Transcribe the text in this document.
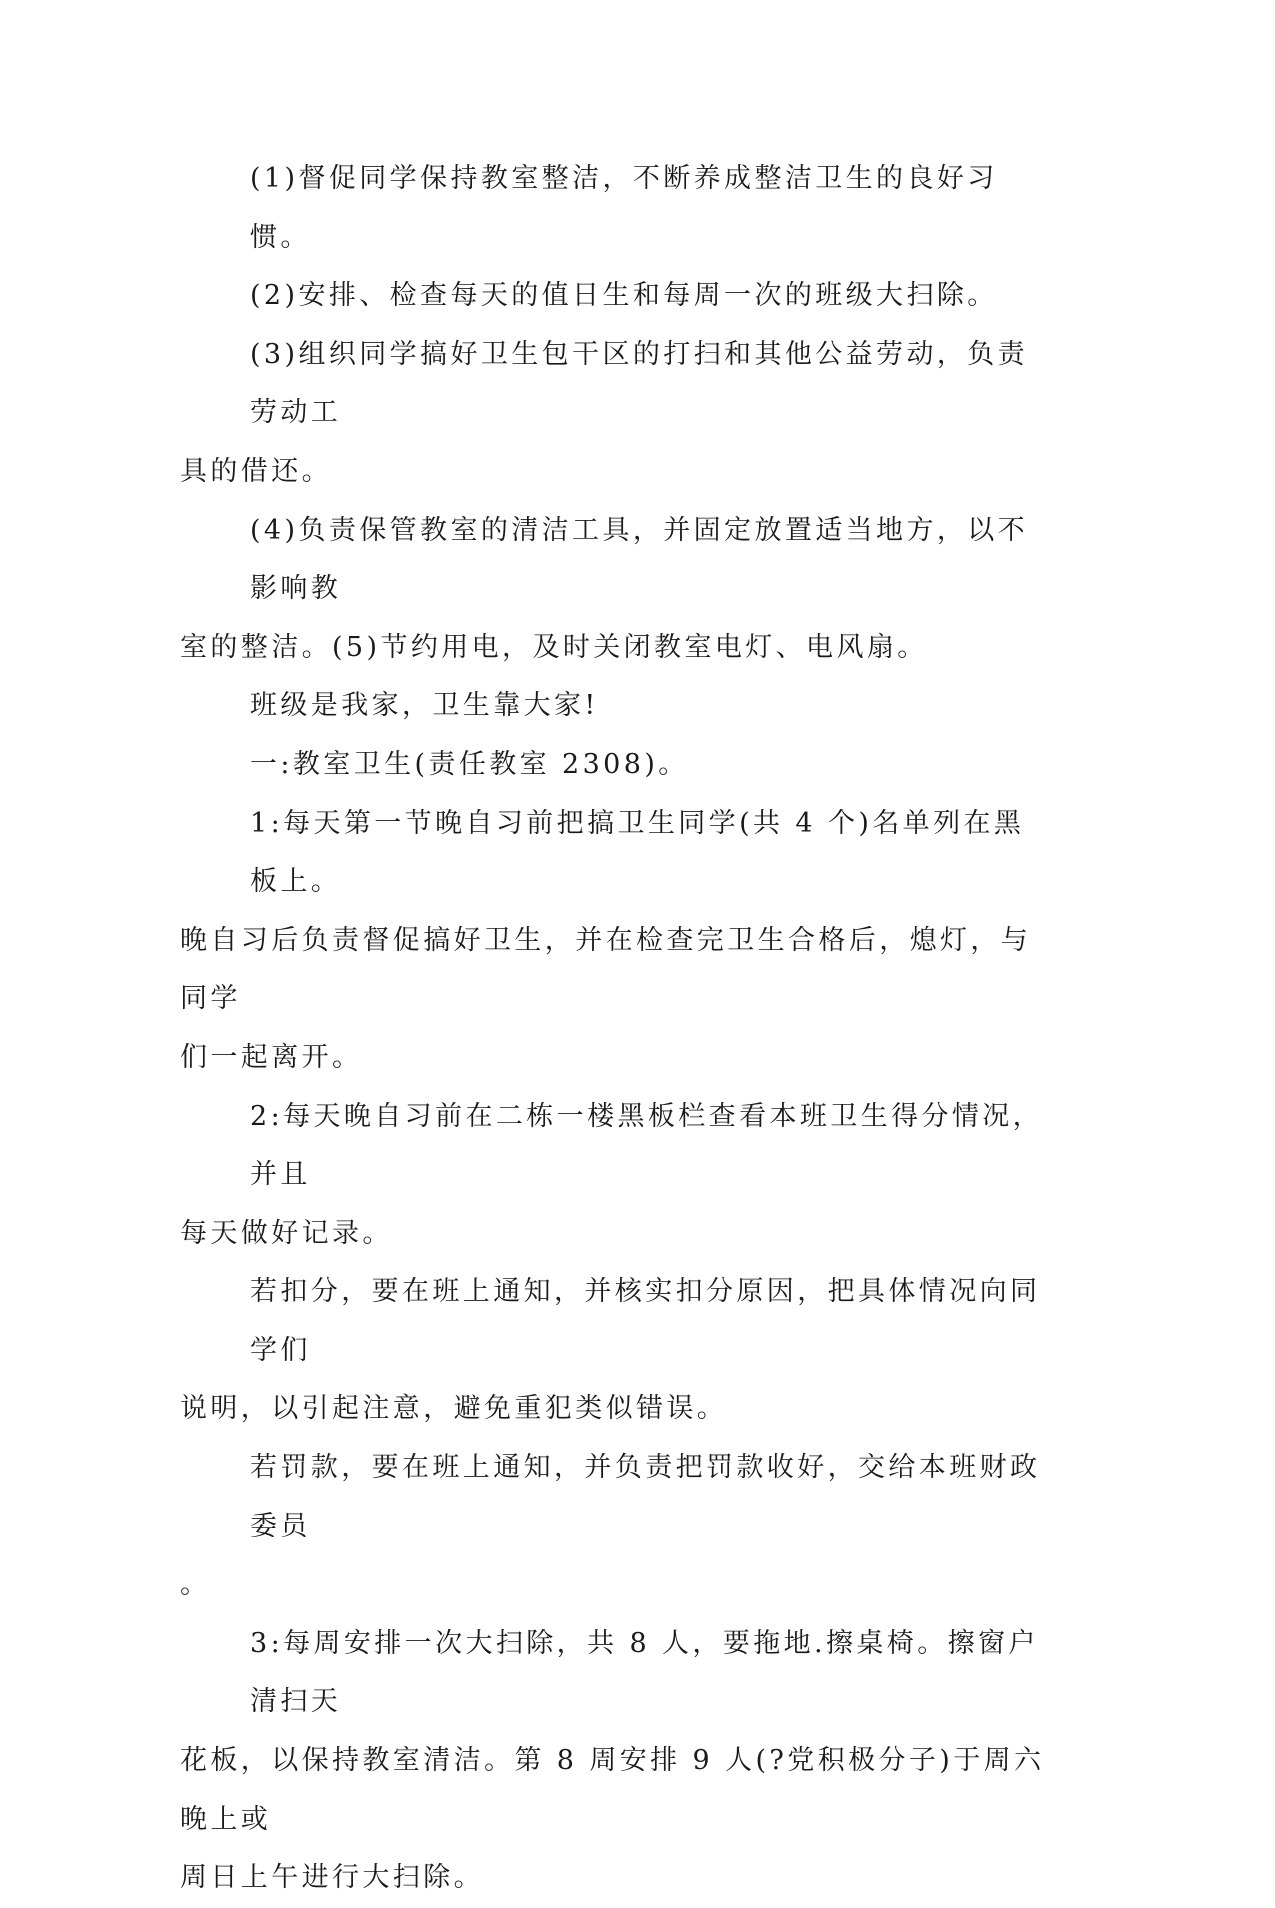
(1)督促同学保持教室整洁，不断养成整洁卫生的良好习惯。
(2)安排、检查每天的值日生和每周一次的班级大扫除。
(3)组织同学搞好卫生包干区的打扫和其他公益劳动，负责劳动工
具的借还。
(4)负责保管教室的清洁工具，并固定放置适当地方，以不影响教
室的整洁。(5)节约用电，及时关闭教室电灯、电风扇。
班级是我家，卫生靠大家!
一:教室卫生(责任教室 2308)。
1:每天第一节晚自习前把搞卫生同学(共 4 个)名单列在黑板上。
晚自习后负责督促搞好卫生，并在检查完卫生合格后，熄灯，与同学
们一起离开。
2:每天晚自习前在二栋一楼黑板栏查看本班卫生得分情况，并且
每天做好记录。
若扣分，要在班上通知，并核实扣分原因，把具体情况向同学们
说明，以引起注意，避免重犯类似错误。
若罚款，要在班上通知，并负责把罚款收好，交给本班财政委员
。
3:每周安排一次大扫除，共 8 人，要拖地.擦桌椅。擦窗户清扫天
花板，以保持教室清洁。第 8 周安排 9 人(?党积极分子)于周六晚上或
周日上午进行大扫除。
